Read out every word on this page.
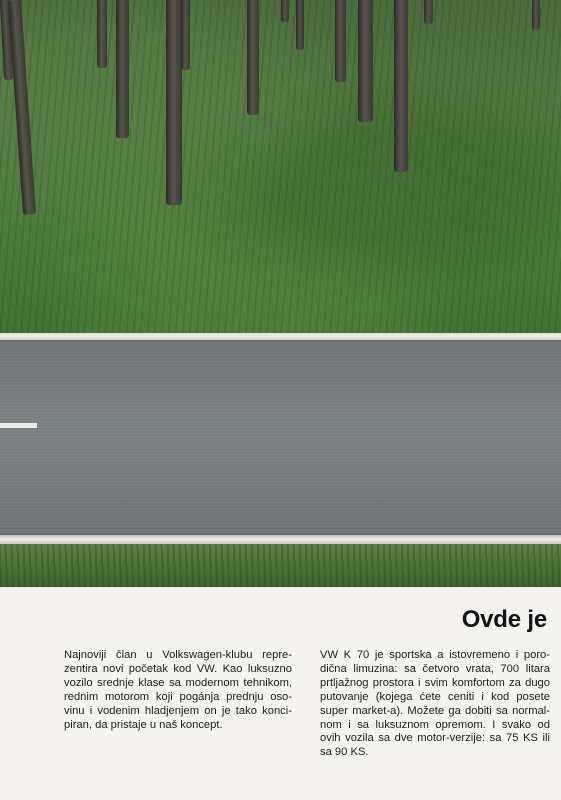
Ovde je

Najnoviji član u Volkswagen-klubu repre-zentira novi početak kod VW. Kao luksuzno vozilo srednje klase sa modernom tehnikom, rednim motorom koji pogánja prednju oso-vinu i vodenim hladjenjem on je tako konci-piran, da pristaje u naš koncept.

VW K 70 je sportska a istovremeno i poro-dična limuzina: sa četvoro vrata, 700 litara prtljažnog prostora i svim komfortom za dugo putovanje (kojega ćete ceniti i kod posete super market-a). Možete ga dobiti sa normal-nom i sa luksuznom opremom. I svako od ovih vozila sa dve motor-verzije: sa 75 KS ili sa 90 KS.
